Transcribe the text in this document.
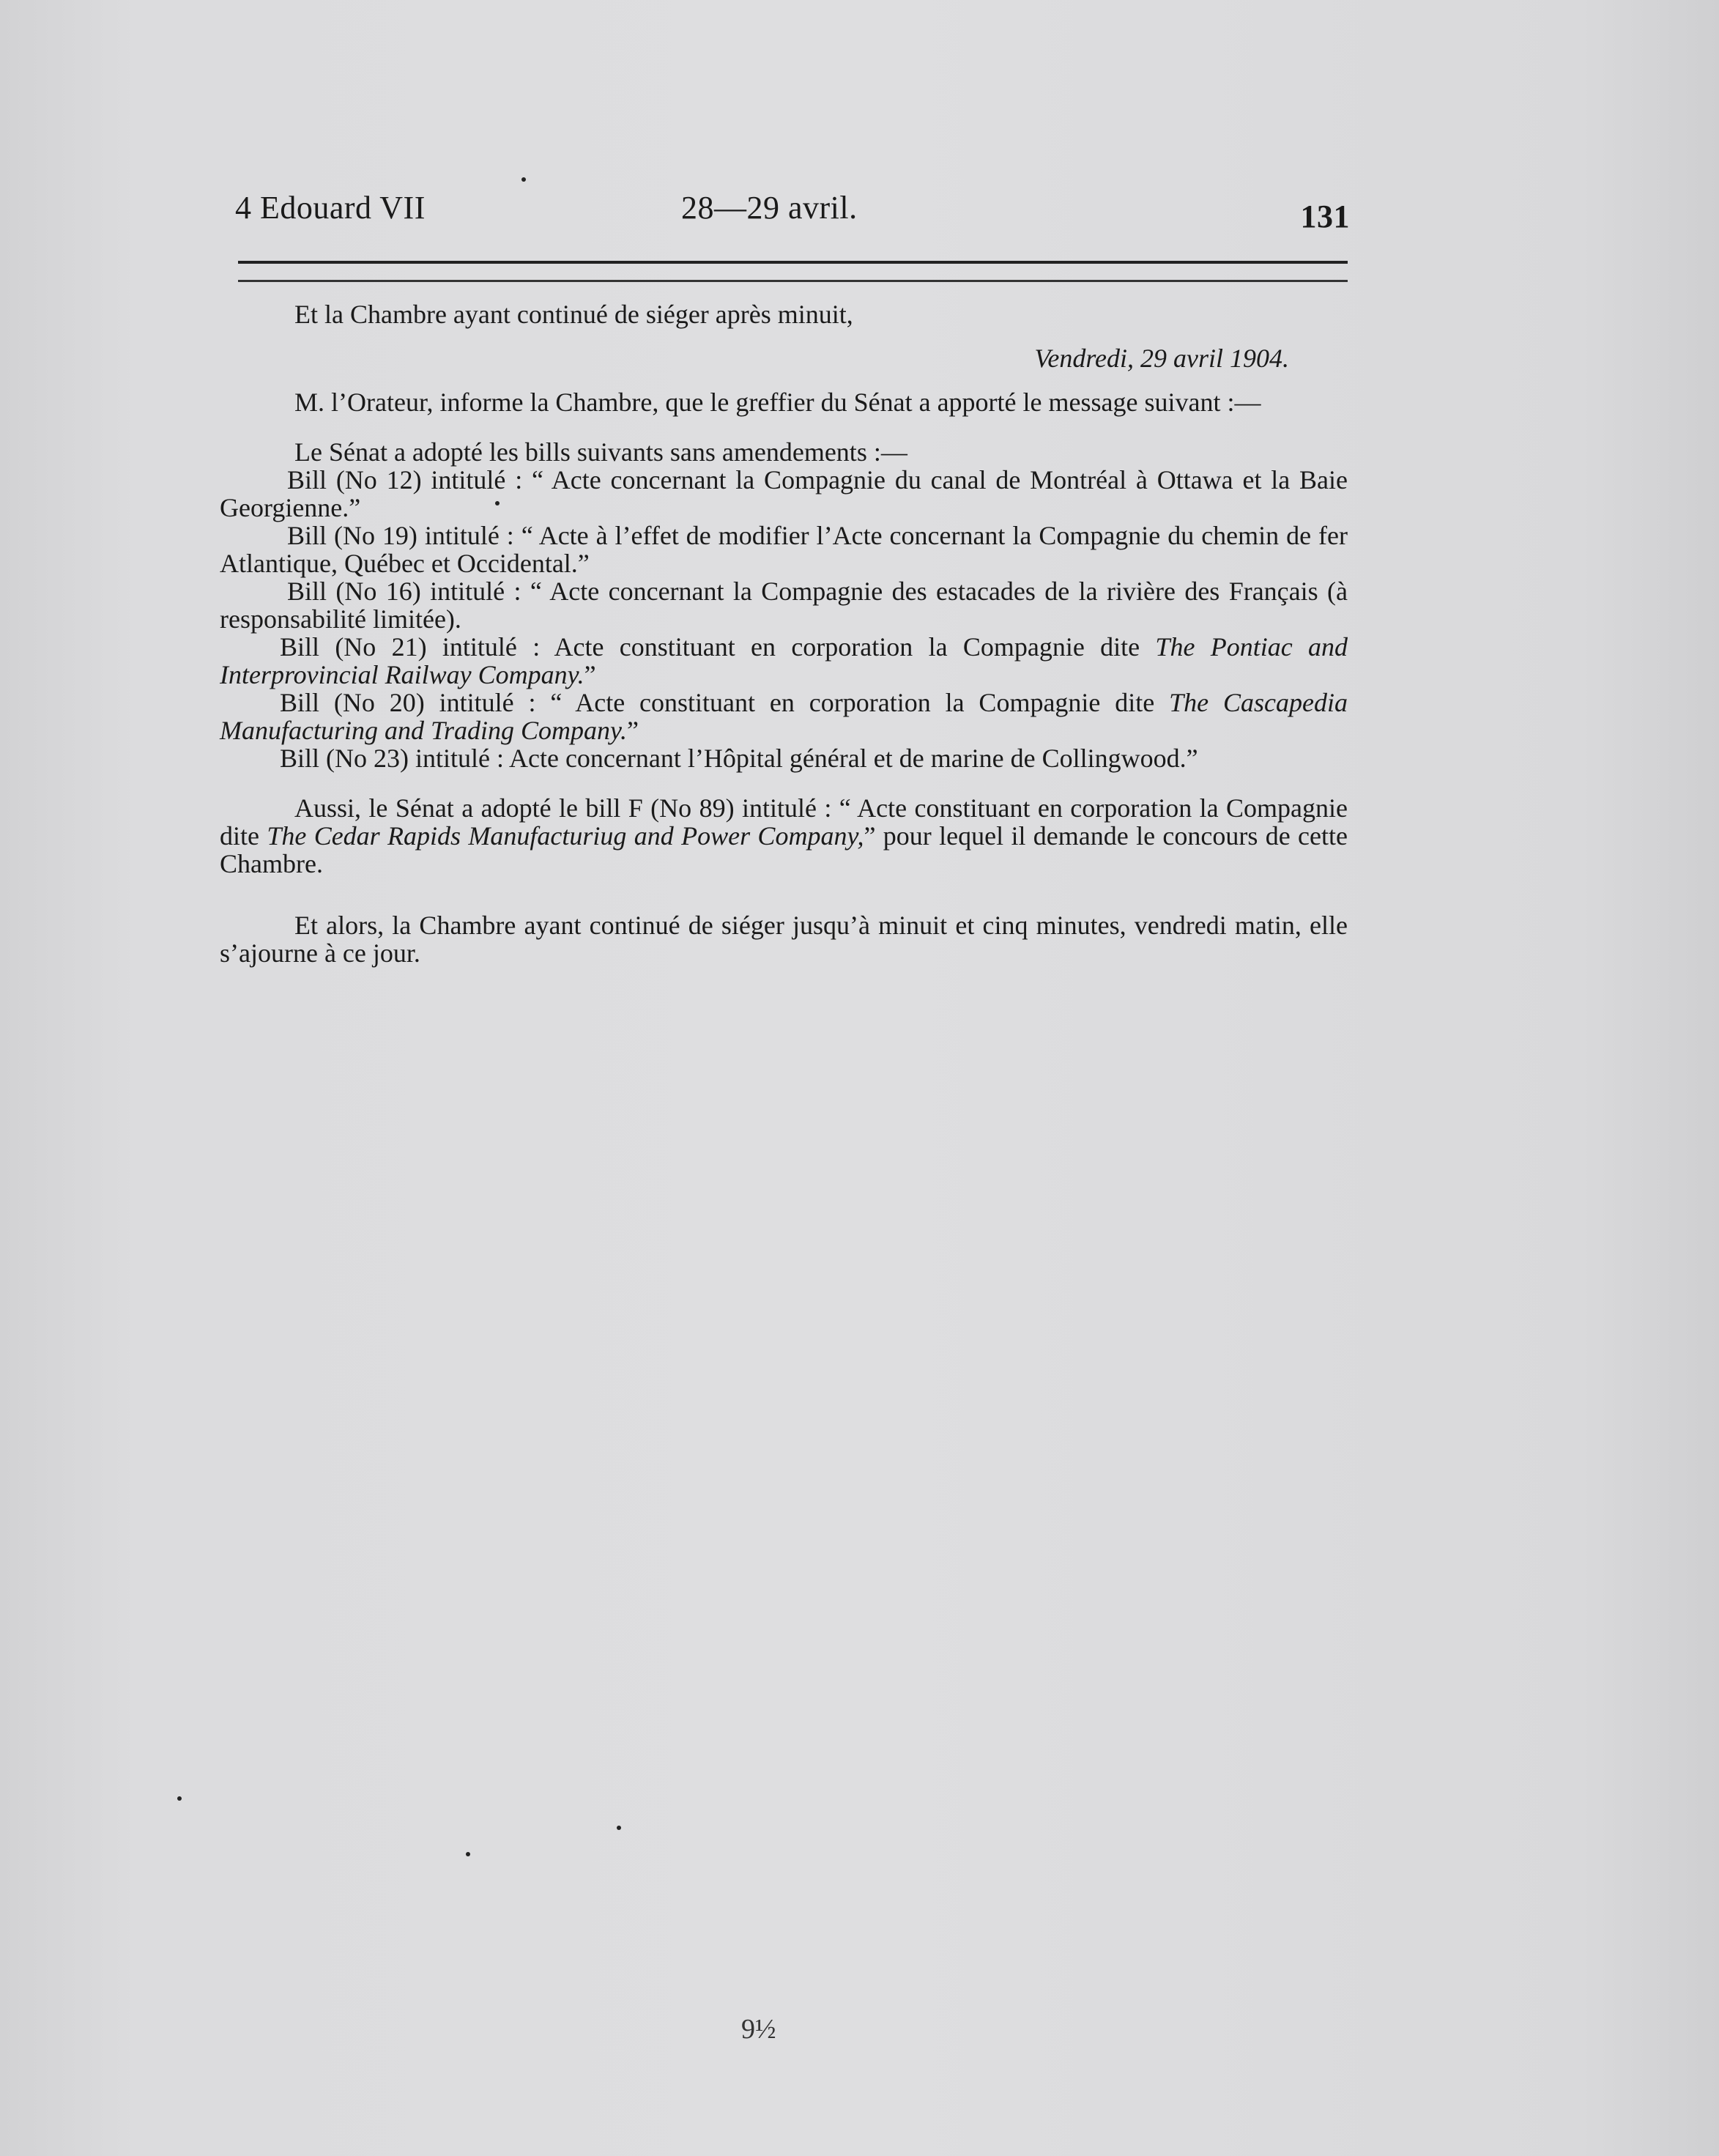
4 Edouard VII	28—29 avril.	131

Et la Chambre ayant continué de siéger après minuit,

Vendredi, 29 avril 1904.

M. l’Orateur, informe la Chambre, que le greffier du Sénat a apporté le message suivant :—

Le Sénat a adopté les bills suivants sans amendements :—

Bill (No 12) intitulé : “ Acte concernant la Compagnie du canal de Montréal à Ottawa et la Baie Georgienne.”

Bill (No 19) intitulé : “ Acte à l’effet de modifier l’Acte concernant la Compagnie du chemin de fer Atlantique, Québec et Occidental.”

Bill (No 16) intitulé : “ Acte concernant la Compagnie des estacades de la rivière des Français (à responsabilité limitée).

Bill (No 21) intitulé : Acte constituant en corporation la Compagnie dite The Pontiac and Interprovincial Railway Company.”

Bill (No 20) intitulé : “ Acte constituant en corporation la Compagnie dite The Cascapedia Manufacturing and Trading Company.”

Bill (No 23) intitulé : Acte concernant l’Hôpital général et de marine de Collingwood.”

Aussi, le Sénat a adopté le bill F (No 89) intitulé : “ Acte constituant en corporation la Compagnie dite The Cedar Rapids Manufacturiug and Power Company,” pour lequel il demande le concours de cette Chambre.

Et alors, la Chambre ayant continué de siéger jusqu’à minuit et cinq minutes, vendredi matin, elle s’ajourne à ce jour.

9½
